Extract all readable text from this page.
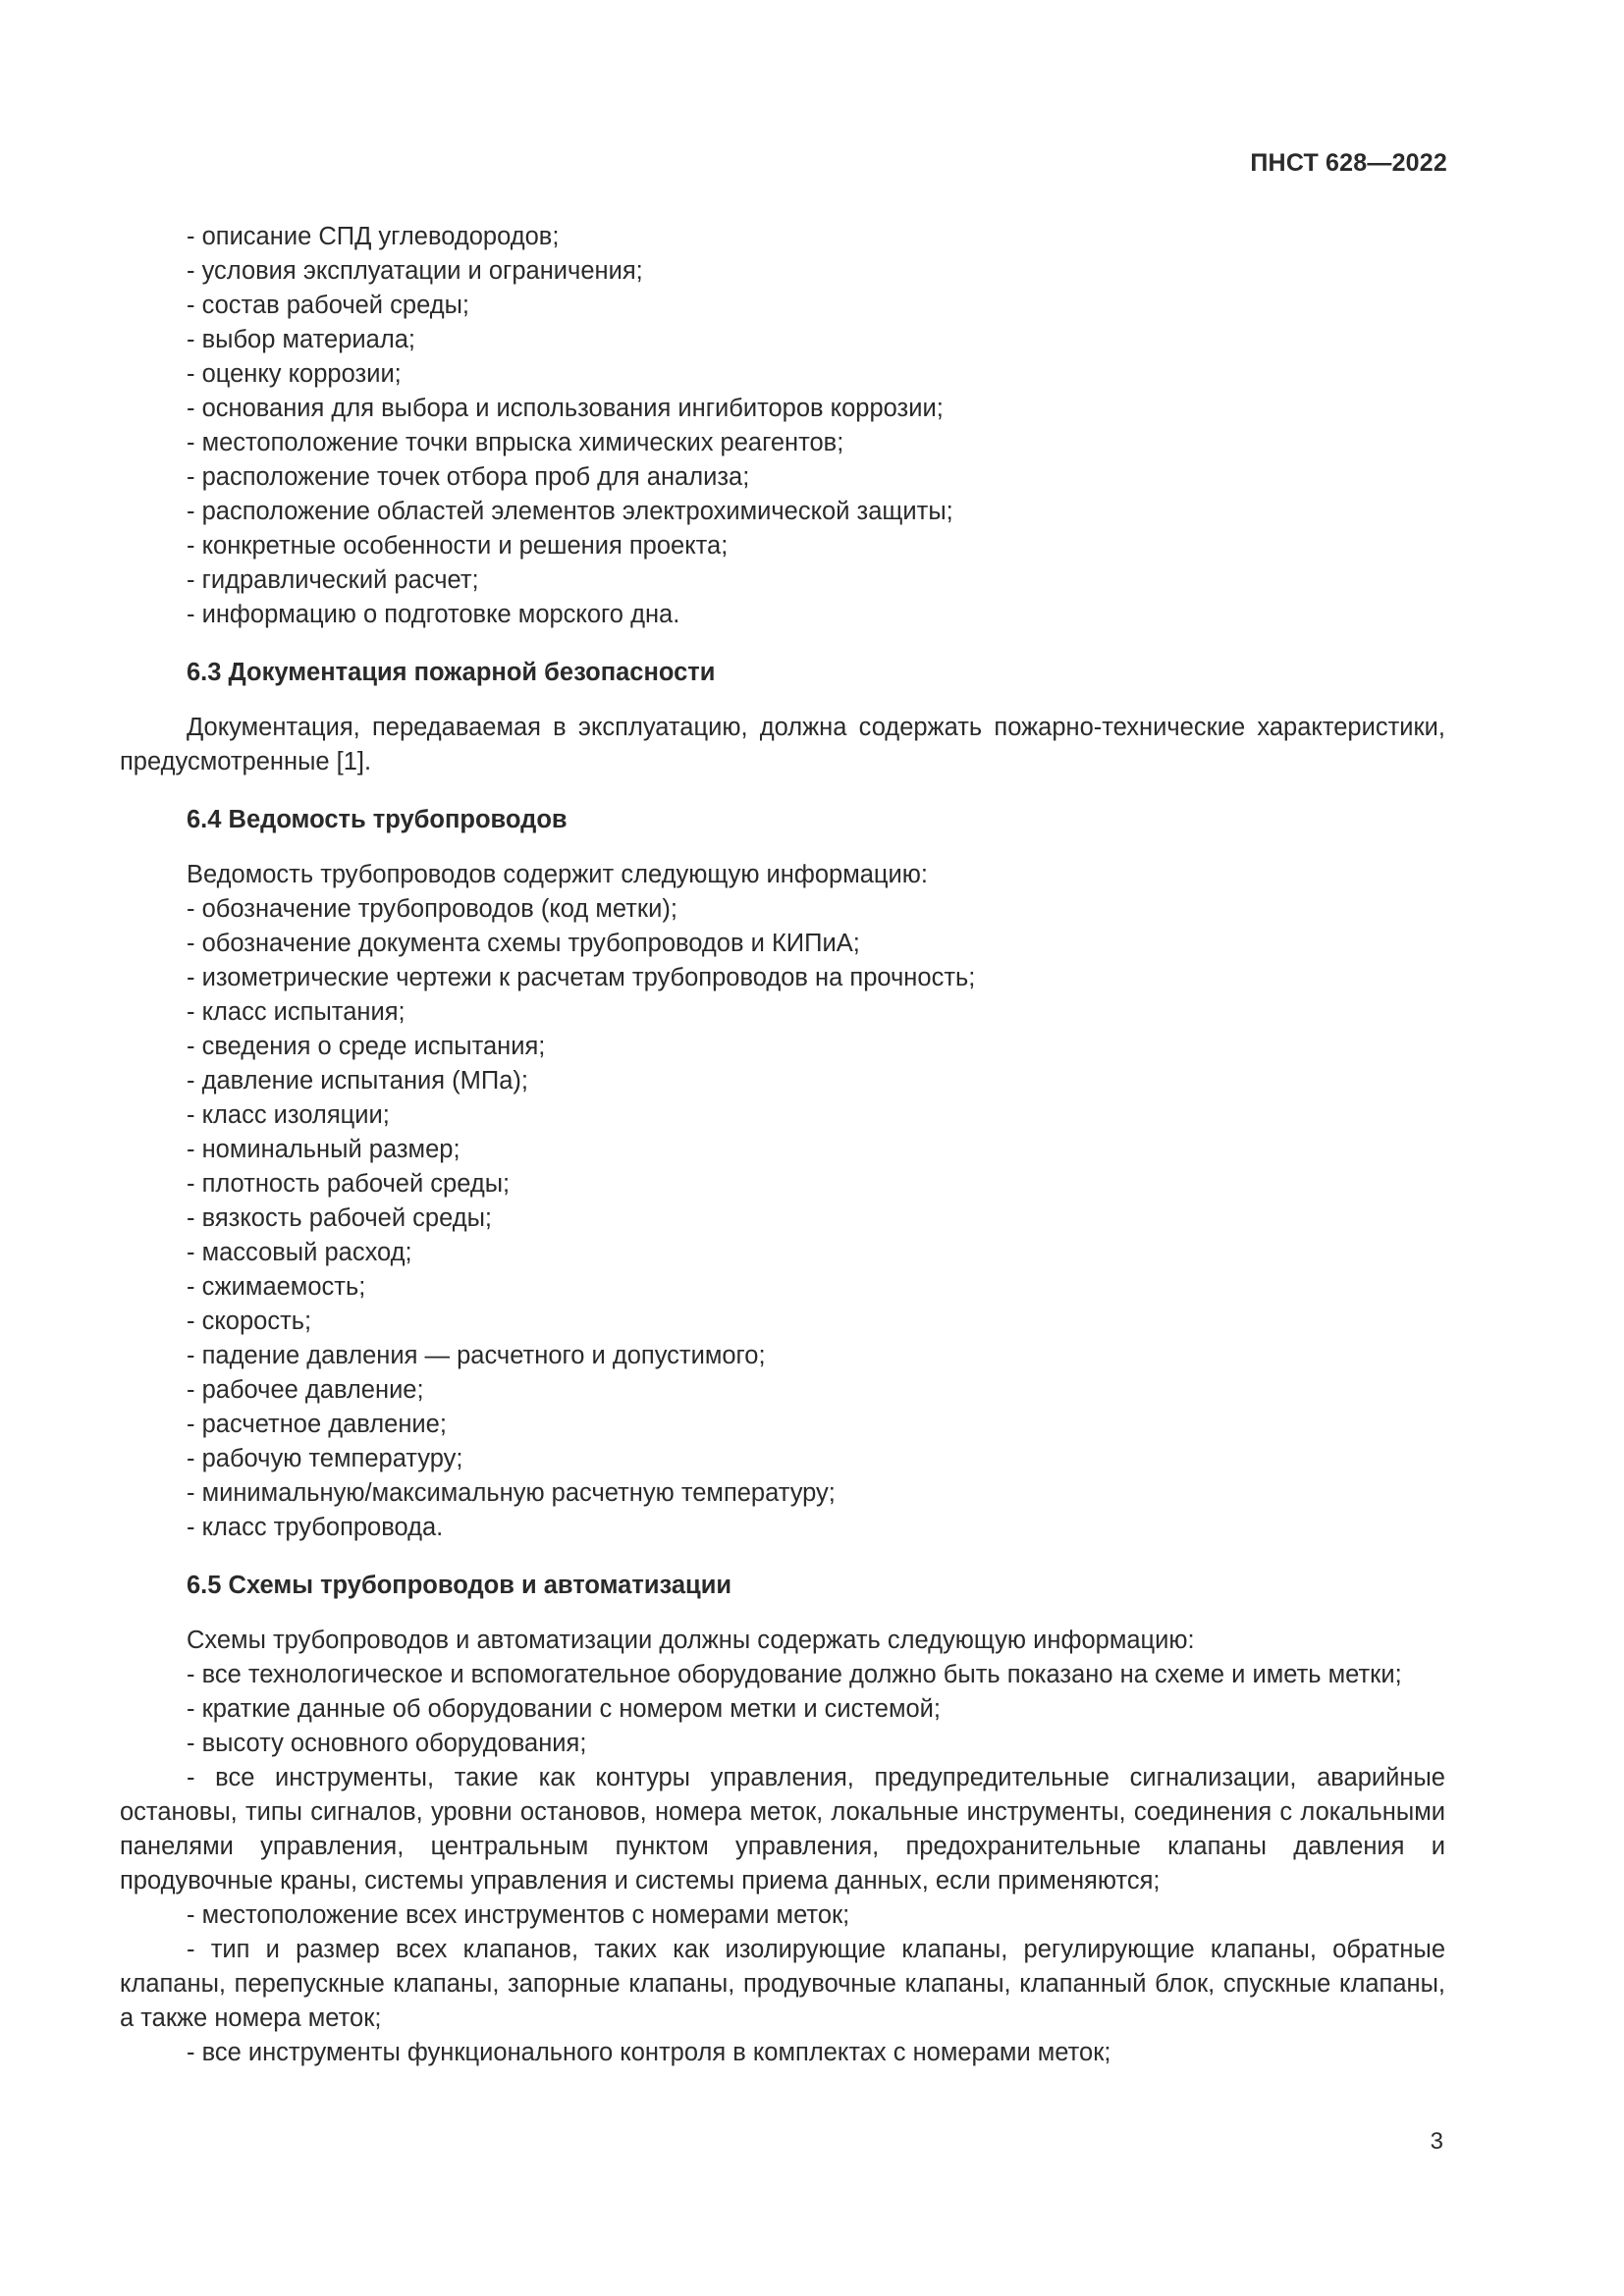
ПНСТ 628—2022
- описание СПД углеводородов;
- условия эксплуатации и ограничения;
- состав рабочей среды;
- выбор материала;
- оценку коррозии;
- основания для выбора и использования ингибиторов коррозии;
- местоположение точки впрыска химических реагентов;
- расположение точек отбора проб для анализа;
- расположение областей элементов электрохимической защиты;
- конкретные особенности и решения проекта;
- гидравлический расчет;
- информацию о подготовке морского дна.
6.3 Документация пожарной безопасности

Документация, передаваемая в эксплуатацию, должна содержать пожарно-технические характеристики, предусмотренные [1].

6.4 Ведомость трубопроводов
Ведомость трубопроводов содержит следующую информацию:
- обозначение трубопроводов (код метки);
- обозначение документа схемы трубопроводов и КИПиА;
- изометрические чертежи к расчетам трубопроводов на прочность;
- класс испытания;
- сведения о среде испытания;
- давление испытания (МПа);
- класс изоляции;
- номинальный размер;
- плотность рабочей среды;
- вязкость рабочей среды;
- массовый расход;
- сжимаемость;
- скорость;
- падение давления — расчетного и допустимого;
- рабочее давление;
- расчетное давление;
- рабочую температуру;
- минимальную/максимальную расчетную температуру;
- класс трубопровода.
6.5 Схемы трубопроводов и автоматизации
Схемы трубопроводов и автоматизации должны содержать следующую информацию:

- все технологическое и вспомогательное оборудование должно быть показано на схеме и иметь метки;

- краткие данные об оборудовании с номером метки и системой;
- высоту основного оборудования;

- все инструменты, такие как контуры управления, предупредительные сигнализации, аварийные остановы, типы сигналов, уровни остановов, номера меток, локальные инструменты, соединения с локальными панелями управления, центральным пунктом управления, предохранительные клапаны давления и продувочные краны, системы управления и системы приема данных, если применяются;

- местоположение всех инструментов с номерами меток;

- тип и размер всех клапанов, таких как изолирующие клапаны, регулирующие клапаны, обратные клапаны, перепускные клапаны, запорные клапаны, продувочные клапаны, клапанный блок, спускные клапаны, а также номера меток;

- все инструменты функционального контроля в комплектах с номерами меток;
3
